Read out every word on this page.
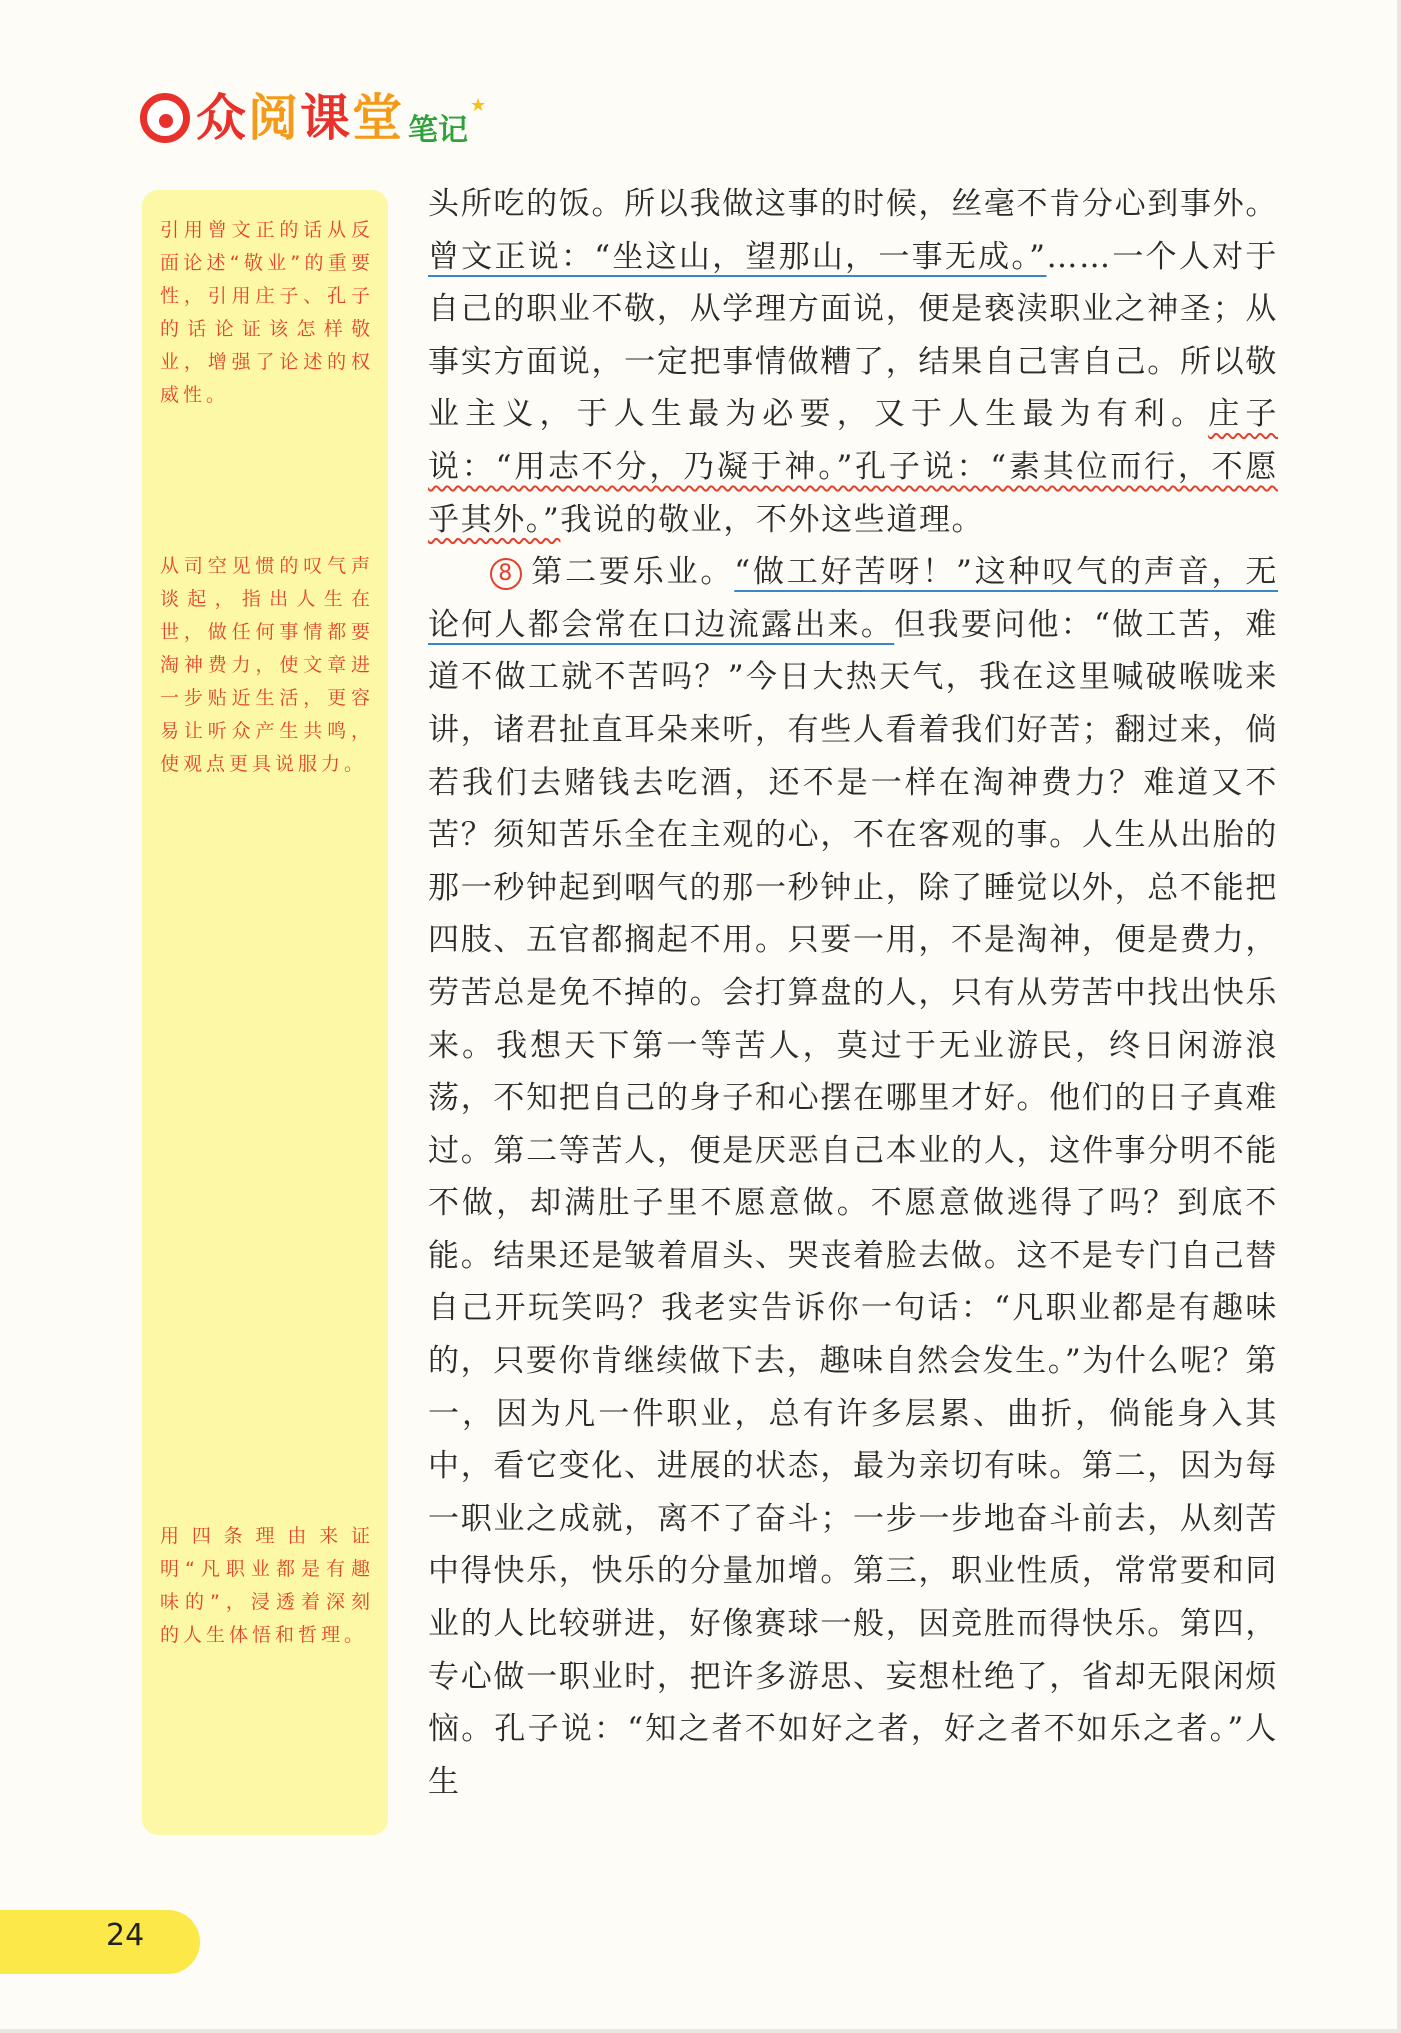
众阅课堂 笔记
★
引用曾文正的话从反面论述“敬业”的重要性，引用庄子、孔子的话论证该怎样敬业，增强了论述的权威性。
从司空见惯的叹气声谈起，指出人生在世，做任何事情都要淘神费力，使文章进一步贴近生活，更容易让听众产生共鸣，使观点更具说服力。
用四条理由来证明“凡职业都是有趣味的”，浸透着深刻的人生体悟和哲理。

头所吃的饭。所以我做这事的时候，丝毫不肯分心到事外。曾文正说：“坐这山，望那山，一事无成。”……一个人对于自己的职业不敬，从学理方面说，便是亵渎职业之神圣；从事实方面说，一定把事情做糟了，结果自己害自己。所以敬业主义，于人生最为必要，又于人生最为有利。庄子说：“用志不分，乃凝于神。”孔子说：“素其位而行，不愿乎其外。”我说的敬业，不外这些道理。

8 第二要乐业。“做工好苦呀！”这种叹气的声音，无论何人都会常在口边流露出来。但我要问他：“做工苦，难道不做工就不苦吗？”今日大热天气，我在这里喊破喉咙来讲，诸君扯直耳朵来听，有些人看着我们好苦；翻过来，倘若我们去赌钱去吃酒，还不是一样在淘神费力？难道又不苦？须知苦乐全在主观的心，不在客观的事。人生从出胎的那一秒钟起到咽气的那一秒钟止，除了睡觉以外，总不能把四肢、五官都搁起不用。只要一用，不是淘神，便是费力，劳苦总是免不掉的。会打算盘的人，只有从劳苦中找出快乐来。我想天下第一等苦人，莫过于无业游民，终日闲游浪荡，不知把自己的身子和心摆在哪里才好。他们的日子真难过。第二等苦人，便是厌恶自己本业的人，这件事分明不能不做，却满肚子里不愿意做。不愿意做逃得了吗？到底不能。结果还是皱着眉头、哭丧着脸去做。这不是专门自己替自己开玩笑吗？我老实告诉你一句话：“凡职业都是有趣味的，只要你肯继续做下去，趣味自然会发生。”为什么呢？第一，因为凡一件职业，总有许多层累、曲折，倘能身入其中，看它变化、进展的状态，最为亲切有味。第二，因为每一职业之成就，离不了奋斗；一步一步地奋斗前去，从刻苦中得快乐，快乐的分量加增。第三，职业性质，常常要和同业的人比较骈进，好像赛球一般，因竞胜而得快乐。第四，专心做一职业时，把许多游思、妄想杜绝了，省却无限闲烦恼。孔子说：“知之者不如好之者，好之者不如乐之者。”人生

24
